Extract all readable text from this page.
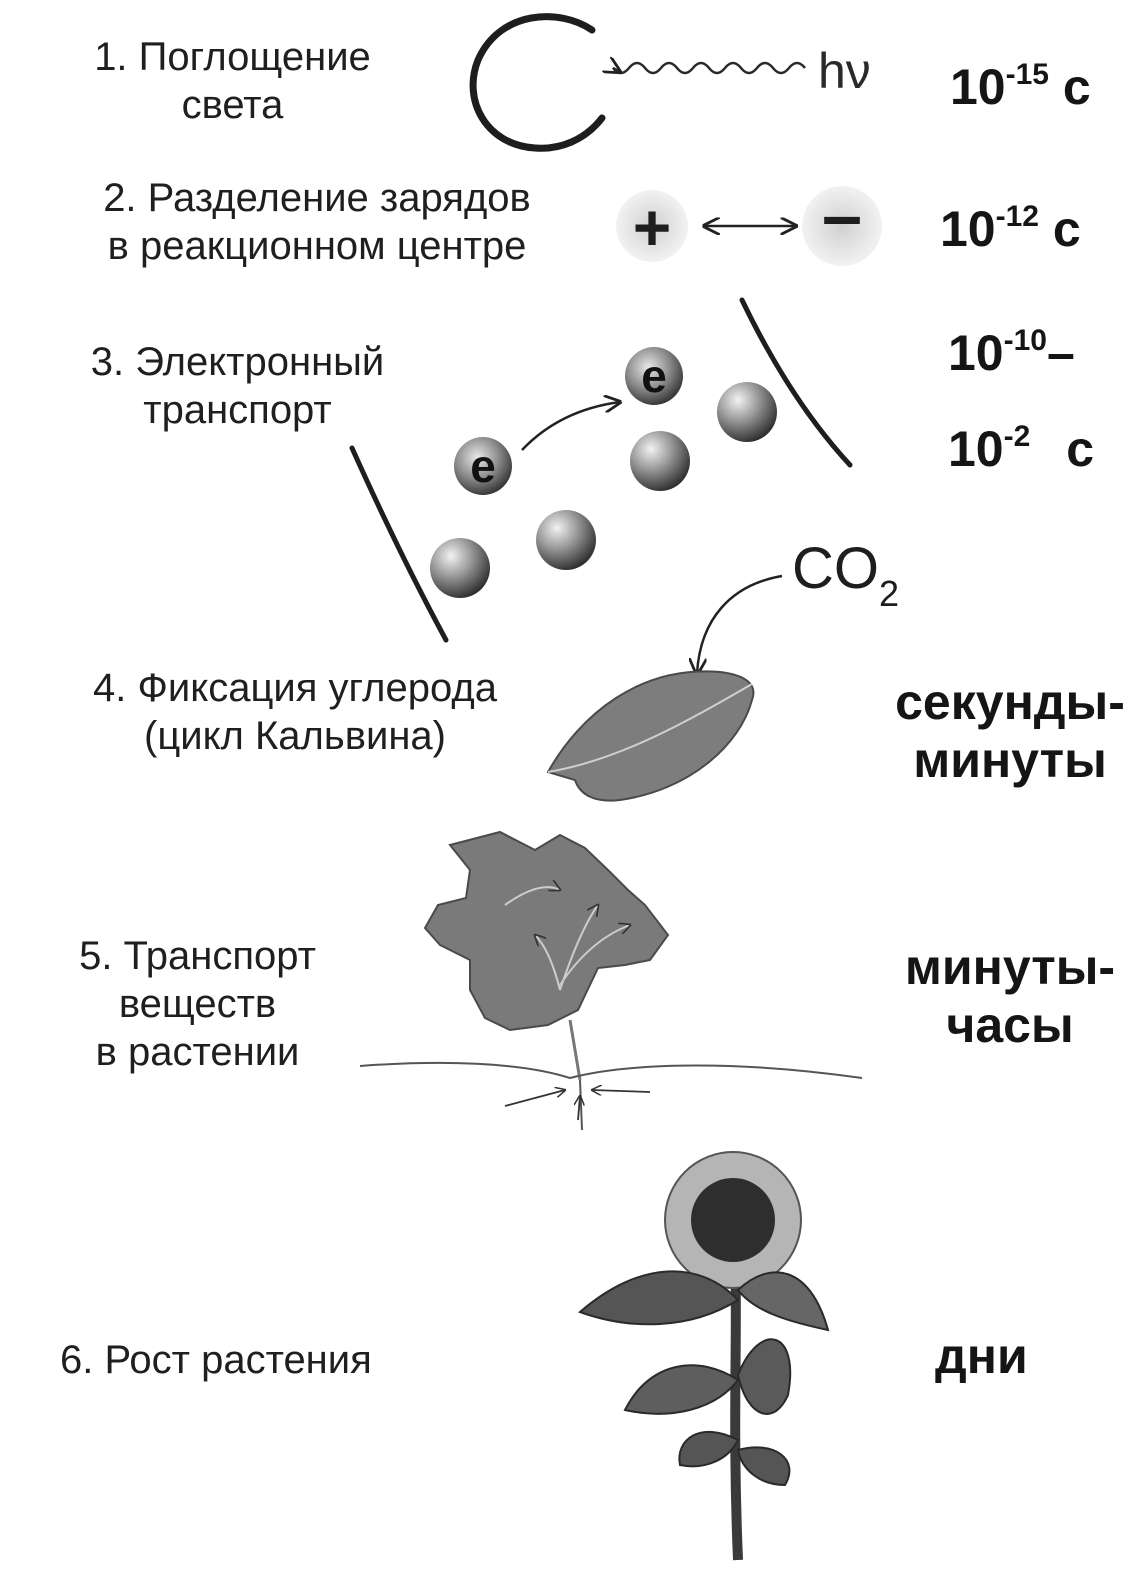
hν
+ –
e
e
$CO_2$
1. Поглощение
света
2. Разделение зарядов
в реакционном центре
3. Электронный
транспорт
4. Фиксация углерода
(цикл Кальвина)
5. Транспорт
веществ
в растении
6. Рост растения
$10^{-15}$ с
$10^{-12}$ с
$10^{-10}-$
$10^{-2}$ с
секунды-
минуты
минуты-
часы
дни
